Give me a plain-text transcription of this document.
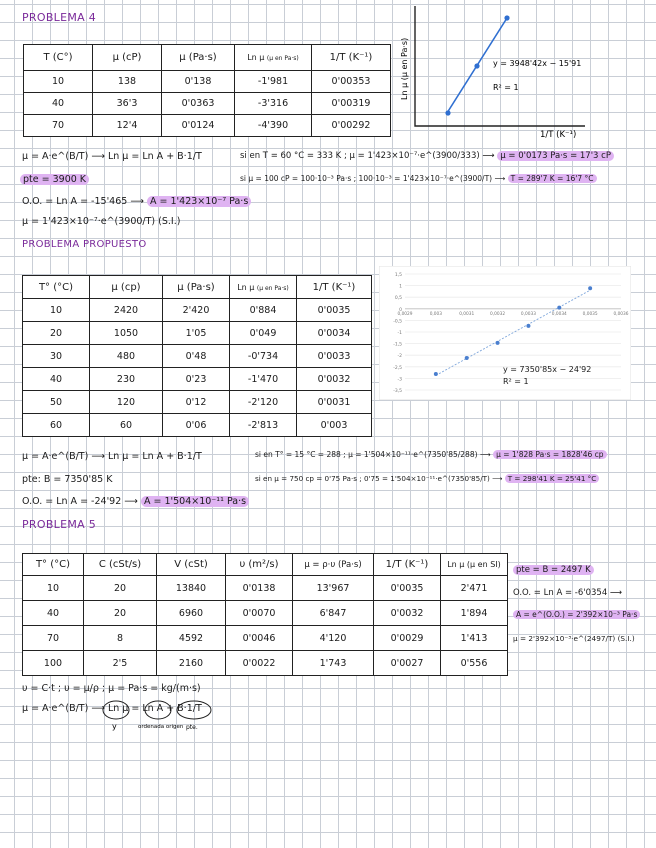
PROBLEMA 4
T (C°)	μ (cP)	μ (Pa·s)	Ln μ (μ en Pa·s)	1/T (K⁻¹)
10	138	0'138	-1'981	0'00353
40	36'3	0'0363	-3'316	0'00319
70	12'4	0'0124	-4'390	0'00292
Ln μ (μ en Pa·s)
1/T (K⁻¹)
y = 3948'42x − 15'91
R² = 1
μ = A·e^(B/T) ⟶ Ln μ = Ln A + B·1/T	si en T = 60 °C = 333 K ; μ = 1'423×10⁻⁷·e^(3900/333) ⟶ μ = 0'0173 Pa·s = 17'3 cP
pte = 3900 K	si μ = 100 cP = 100·10⁻³ Pa·s ; 100·10⁻³ = 1'423×10⁻⁷·e^(3900/T) ⟶ T = 289'7 K = 16'7 °C
O.O. = Ln A = -15'465 ⟶ A = 1'423×10⁻⁷ Pa·s
μ = 1'423×10⁻⁷·e^(3900/T) (S.I.)
PROBLEMA PROPUESTO
T° (°C)	μ (cp)	μ (Pa·s)	Ln μ (μ en Pa·s)	1/T (K⁻¹)
10	2420	2'420	0'884	0'0035
20	1050	1'05	0'049	0'0034
30	480	0'48	-0'734	0'0033
40	230	0'23	-1'470	0'0032
50	120	0'12	-2'120	0'0031
60	60	0'06	-2'813	0'003
1,5
1
0,5
0
-0,5
-1
-1,5
-2
-2,5
-3
-3,5
0,0029	0,003	0,0031	0,0032	0,0033	0,0034	0,0035	0,0036
y = 7350'85x − 24'92
R² = 1
μ = A·e^(B/T) ⟶ Ln μ = Ln A + B·1/T	si en T° = 15 °C = 288 ; μ = 1'504×10⁻¹¹·e^(7350'85/288) ⟶ μ = 1'828 Pa·s = 1828'46 cp
pte: B = 7350'85 K	si en μ = 750 cp = 0'75 Pa·s ; 0'75 = 1'504×10⁻¹¹·e^(7350'85/T) ⟶ T = 298'41 K = 25'41 °C
O.O. = Ln A = -24'92 ⟶ A = 1'504×10⁻¹¹ Pa·s
PROBLEMA 5
T° (°C)	C (cSt/s)	V (cSt)	υ (m²/s)	μ = ρ·υ (Pa·s)	1/T (K⁻¹)	Ln μ (μ en SI)
10	20	13840	0'0138	13'967	0'0035	2'471
40	20	6960	0'0070	6'847	0'0032	1'894
70	8	4592	0'0046	4'120	0'0029	1'413
100	2'5	2160	0'0022	1'743	0'0027	0'556
pte = B = 2497 K
O.O. = Ln A = -6'0354 ⟶
A = e^(O.O.) = 2'392×10⁻³ Pa·s
μ = 2'392×10⁻³·e^(2497/T) (S.I.)
υ = C·t ; υ = μ/ρ ; μ = Pa·s = kg/(m·s)
μ = A·e^(B/T) ⟶ Ln μ = Ln A + B·1/T
y	ordenada origen pte.
